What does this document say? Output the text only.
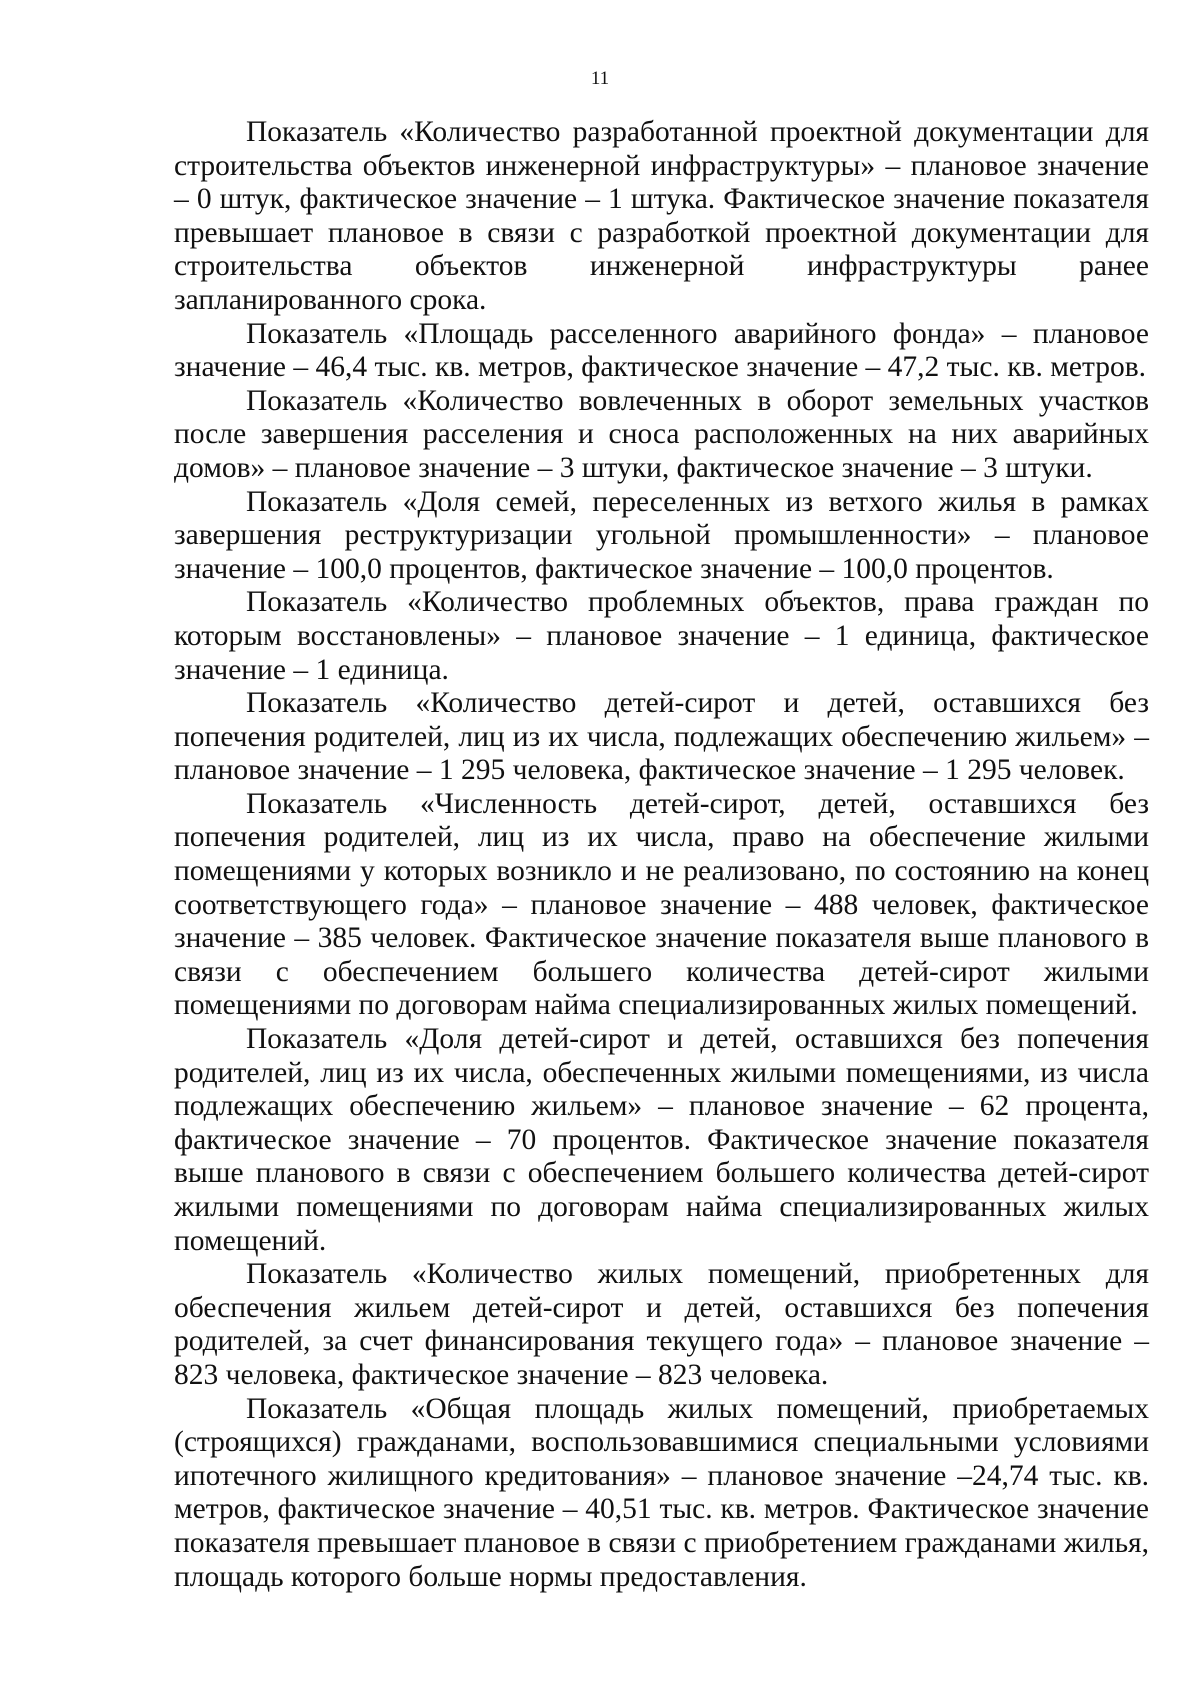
11

Показатель «Количество разработанной проектной документации для строительства объектов инженерной инфраструктуры» – плановое значение – 0 штук, фактическое значение – 1 штука. Фактическое значение показателя превышает плановое в связи с разработкой проектной документации для строительства объектов инженерной инфраструктуры ранее запланированного срока.

Показатель «Площадь расселенного аварийного фонда» – плановое значение – 46,4 тыс. кв. метров, фактическое значение – 47,2 тыс. кв. метров.

Показатель «Количество вовлеченных в оборот земельных участков после завершения расселения и сноса расположенных на них аварийных домов» – плановое значение – 3 штуки, фактическое значение – 3 штуки.

Показатель «Доля семей, переселенных из ветхого жилья в рамках завершения реструктуризации угольной промышленности» – плановое значение – 100,0 процентов, фактическое значение – 100,0 процентов.

Показатель «Количество проблемных объектов, права граждан по которым восстановлены» – плановое значение – 1 единица, фактическое значение – 1 единица.

Показатель «Количество детей-сирот и детей, оставшихся без попечения родителей, лиц из их числа, подлежащих обеспечению жильем» – плановое значение – 1 295 человека, фактическое значение – 1 295 человек.

Показатель «Численность детей-сирот, детей, оставшихся без попечения родителей, лиц из их числа, право на обеспечение жилыми помещениями у которых возникло и не реализовано, по состоянию на конец соответствующего года» – плановое значение – 488 человек, фактическое значение – 385 человек. Фактическое значение показателя выше планового в связи с обеспечением большего количества детей-сирот жилыми помещениями по договорам найма специализированных жилых помещений.

Показатель «Доля детей-сирот и детей, оставшихся без попечения родителей, лиц из их числа, обеспеченных жилыми помещениями, из числа подлежащих обеспечению жильем» – плановое значение – 62 процента, фактическое значение – 70 процентов. Фактическое значение показателя выше планового в связи с обеспечением большего количества детей-сирот жилыми помещениями по договорам найма специализированных жилых помещений.

Показатель «Количество жилых помещений, приобретенных для обеспечения жильем детей-сирот и детей, оставшихся без попечения родителей, за счет финансирования текущего года» – плановое значение – 823 человека, фактическое значение – 823 человека.

Показатель «Общая площадь жилых помещений, приобретаемых (строящихся) гражданами, воспользовавшимися специальными условиями ипотечного жилищного кредитования» – плановое значение –24,74 тыс. кв. метров, фактическое значение – 40,51 тыс. кв. метров. Фактическое значение показателя превышает плановое в связи с приобретением гражданами жилья, площадь которого больше нормы предоставления.
